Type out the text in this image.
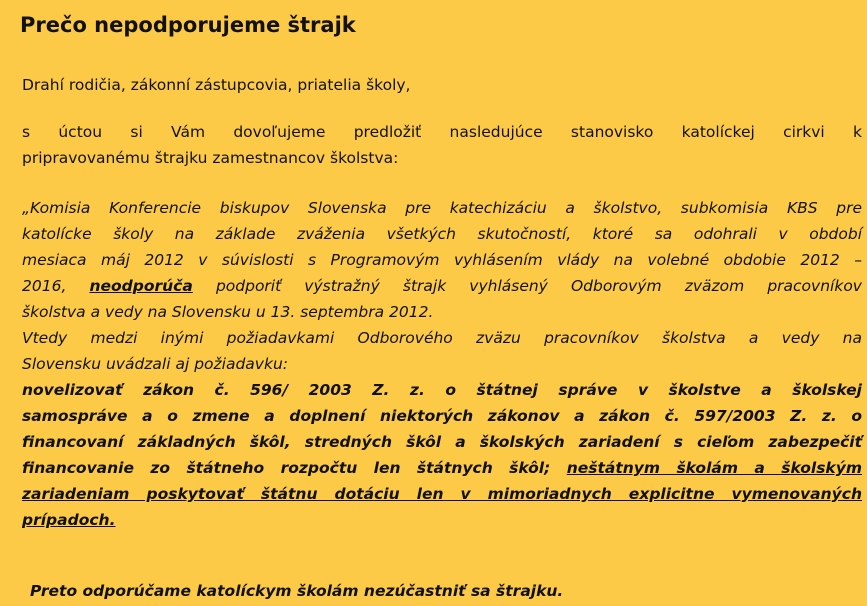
Prečo nepodporujeme štrajk
Drahí rodičia, zákonní zástupcovia, priatelia školy,
s úctou si Vám dovoľujeme predložiť nasledujúce stanovisko katolíckej cirkvi k
pripravovanému štrajku zamestnancov školstva:
„Komisia Konferencie biskupov Slovenska pre katechizáciu a školstvo, subkomisia KBS pre
katolícke školy na základe zváženia všetkých skutočností, ktoré sa odohrali v období
mesiaca máj 2012 v súvislosti s Programovým vyhlásením vlády na volebné obdobie 2012 –
2016, neodporúča podporiť výstražný štrajk vyhlásený Odborovým zväzom pracovníkov
školstva a vedy na Slovensku u 13. septembra 2012.
Vtedy medzi inými požiadavkami Odborového zväzu pracovníkov školstva a vedy na
Slovensku uvádzali aj požiadavku:
novelizovať zákon č. 596/ 2003 Z. z. o štátnej správe v školstve a školskej
samospráve a o zmene a doplnení niektorých zákonov a zákon č. 597/2003 Z. z. o
financovaní základných škôl, stredných škôl a školských zariadení s cieľom zabezpečiť
financovanie zo štátneho rozpočtu len štátnych škôl; neštátnym školám a školským
zariadeniam poskytovať štátnu dotáciu len v mimoriadnych explicitne vymenovaných
prípadoch.
Preto odporúčame katolíckym školám nezúčastniť sa štrajku.
